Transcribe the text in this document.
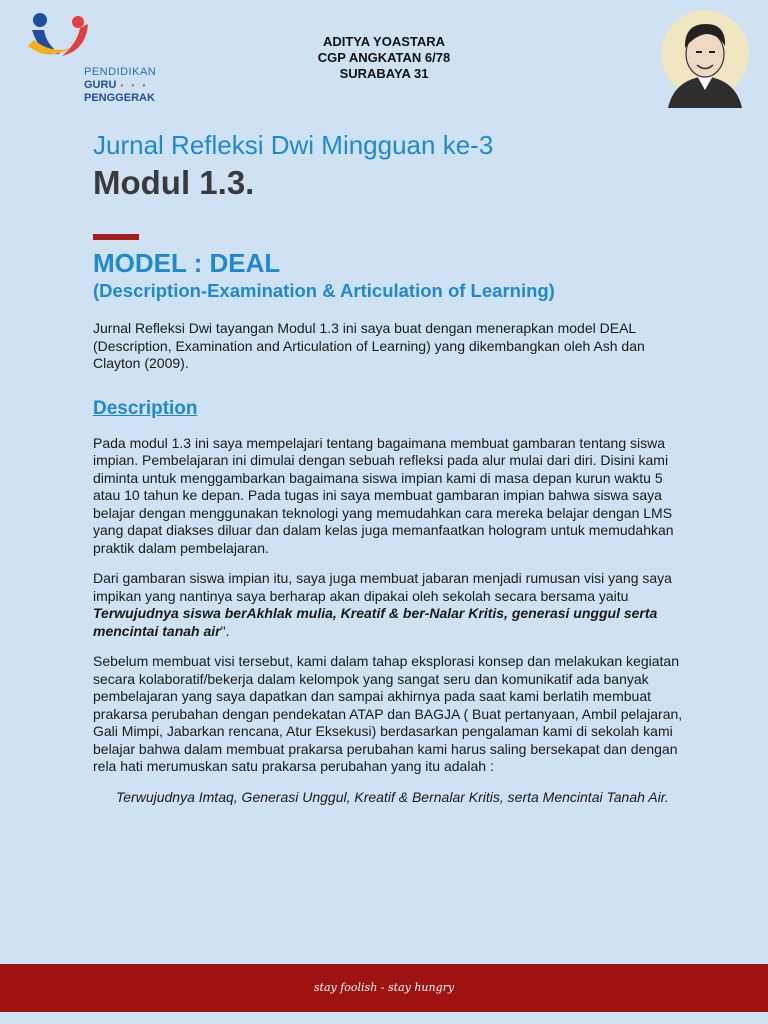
PENDIDIKAN
GURU • • •
PENGGERAK
ADITYA YOASTARA
CGP ANGKATAN 6/78
SURABAYA 31
Jurnal Refleksi Dwi Mingguan ke-3
Modul 1.3.
MODEL : DEAL
(Description-Examination & Articulation of Learning)

Jurnal Refleksi Dwi tayangan Modul 1.3 ini saya buat dengan menerapkan model DEAL (Description, Examination and Articulation of Learning) yang dikembangkan oleh Ash dan Clayton (2009).

Description

Pada modul 1.3 ini saya mempelajari tentang bagaimana membuat gambaran tentang siswa impian. Pembelajaran ini dimulai dengan sebuah refleksi pada alur mulai dari diri. Disini kami diminta untuk menggambarkan bagaimana siswa impian kami di masa depan kurun waktu 5 atau 10 tahun ke depan. Pada tugas ini saya membuat gambaran impian bahwa siswa saya belajar dengan menggunakan teknologi yang memudahkan cara mereka belajar dengan LMS yang dapat diakses diluar dan dalam kelas juga memanfaatkan hologram untuk memudahkan praktik dalam pembelajaran.

Dari gambaran siswa impian itu, saya juga membuat jabaran menjadi rumusan visi yang saya impikan yang nantinya saya berharap akan dipakai oleh sekolah secara bersama yaitu Terwujudnya siswa berAkhlak mulia, Kreatif & ber-Nalar Kritis, generasi unggul serta mencintai tanah air".

Sebelum membuat visi tersebut, kami dalam tahap eksplorasi konsep dan melakukan kegiatan secara kolaboratif/bekerja dalam kelompok yang sangat seru dan komunikatif ada banyak pembelajaran yang saya dapatkan dan sampai akhirnya pada saat kami berlatih membuat prakarsa perubahan dengan pendekatan ATAP dan BAGJA ( Buat pertanyaan, Ambil pelajaran, Gali Mimpi, Jabarkan rencana, Atur Eksekusi) berdasarkan pengalaman kami di sekolah kami belajar bahwa dalam membuat prakarsa perubahan kami harus saling bersekapat dan dengan rela hati merumuskan satu prakarsa perubahan yang itu adalah :

Terwujudnya Imtaq, Generasi Unggul, Kreatif & Bernalar Kritis, serta Mencintai Tanah Air.

stay foolish - stay hungry
